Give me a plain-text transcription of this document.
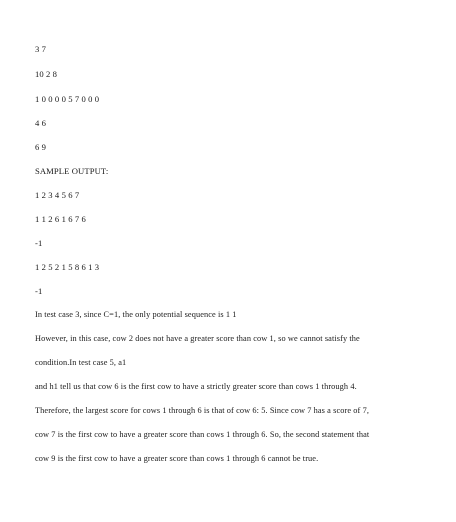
3 7
10 2 8
1 0 0 0 0 5 7 0 0 0
4 6
6 9
SAMPLE OUTPUT:
1 2 3 4 5 6 7
1 1 2 6 1 6 7 6
-1
1 2 5 2 1 5 8 6 1 3
-1
In test case 3, since C=1, the only potential sequence is 1 1
However, in this case, cow 2 does not have a greater score than cow 1, so we cannot satisfy the
condition.In test case 5, a1
and h1 tell us that cow 6 is the first cow to have a strictly greater score than cows 1 through 4.
Therefore, the largest score for cows 1 through 6 is that of cow 6: 5. Since cow 7 has a score of 7,
cow 7 is the first cow to have a greater score than cows 1 through 6. So, the second statement that
cow 9 is the first cow to have a greater score than cows 1 through 6 cannot be true.
